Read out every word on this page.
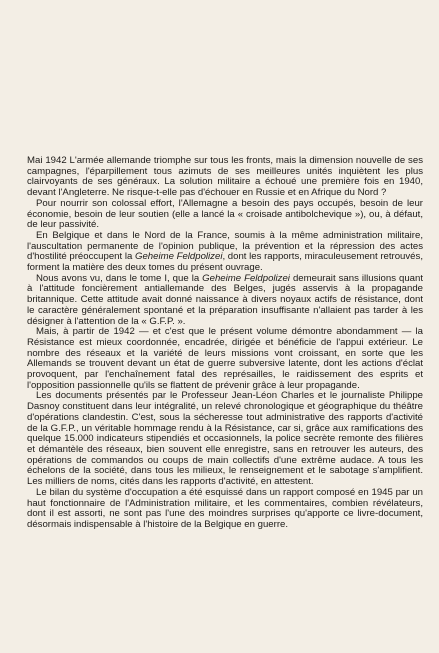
Mai 1942 L'armée allemande triomphe sur tous les fronts, mais la dimension nouvelle de ses campagnes, l'éparpillement tous azimuts de ses meilleures unités inquiètent les plus clairvoyants de ses généraux. La solution militaire a échoué une première fois en 1940, devant l'Angleterre. Ne risque-t-elle pas d'échouer en Russie et en Afrique du Nord ?

Pour nourrir son colossal effort, l'Allemagne a besoin des pays occupés, besoin de leur économie, besoin de leur soutien (elle a lancé la « croisade antibolchevique »), ou, à défaut, de leur passivité.

En Belgique et dans le Nord de la France, soumis à la même administration militaire, l'auscultation permanente de l'opinion publique, la prévention et la répression des actes d'hostilité préoccupent la Geheime Feldpolizei, dont les rapports, miraculeusement retrouvés, forment la matière des deux tomes du présent ouvrage.

Nous avons vu, dans le tome I, que la Geheime Feldpolizei demeurait sans illusions quant à l'attitude foncièrement antiallemande des Belges, jugés asservis à la propagande britannique. Cette attitude avait donné naissance à divers noyaux actifs de résistance, dont le caractère généralement spontané et la préparation insuffisante n'allaient pas tarder à les désigner à l'attention de la « G.F.P. ».

Mais, à partir de 1942 — et c'est que le présent volume démontre abondamment — la Résistance est mieux coordonnée, encadrée, dirigée et bénéficie de l'appui extérieur. Le nombre des réseaux et la variété de leurs missions vont croissant, en sorte que les Allemands se trouvent devant un état de guerre subversive latente, dont les actions d'éclat provoquent, par l'enchaînement fatal des représailles, le raidissement des esprits et l'opposition passionnelle qu'ils se flattent de prévenir grâce à leur propagande.

Les documents présentés par le Professeur Jean-Léon Charles et le journaliste Philippe Dasnoy constituent dans leur intégralité, un relevé chronologique et géographique du théâtre d'opérations clandestin. C'est, sous la sécheresse tout administrative des rapports d'activité de la G.F.P., un véritable hommage rendu à la Résistance, car si, grâce aux ramifications des quelque 15.000 indicateurs stipendiés et occasionnels, la police secrète remonte des filières et démantèle des réseaux, bien souvent elle enregistre, sans en retrouver les auteurs, des opérations de commandos ou coups de main collectifs d'une extrême audace. A tous les échelons de la société, dans tous les milieux, le renseignement et le sabotage s'amplifient. Les milliers de noms, cités dans les rapports d'activité, en attestent.

Le bilan du système d'occupation a été esquissé dans un rapport composé en 1945 par un haut fonctionnaire de l'Administration militaire, et les commentaires, combien révélateurs, dont il est assorti, ne sont pas l'une des moindres surprises qu'apporte ce livre-document, désormais indispensable à l'histoire de la Belgique en guerre.
